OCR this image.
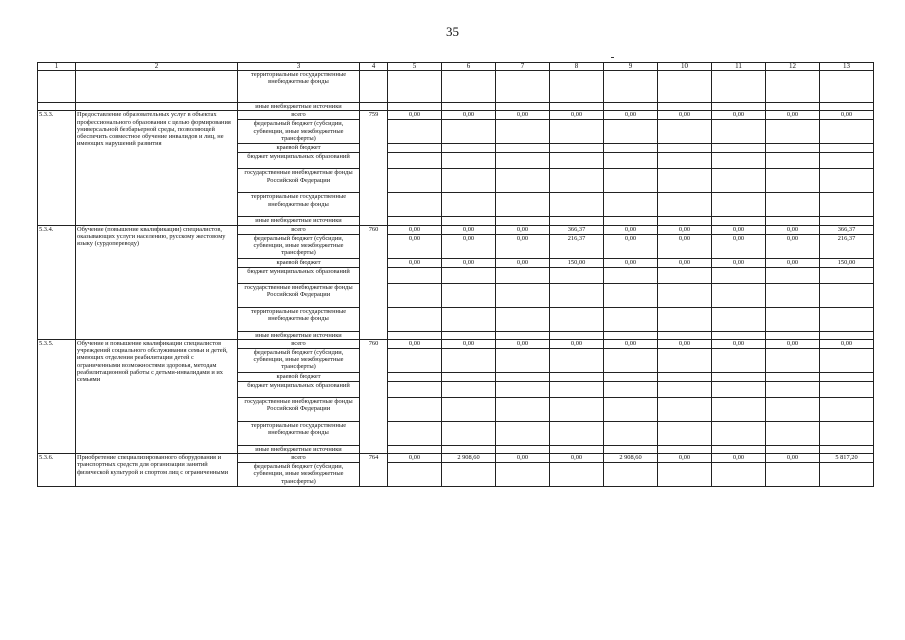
35
1	2	3	4	5	6	7	8	9	10	11	12	13
		территориальные государственные внебюджетные фонды										
		иные внебюджетные источники										
5.3.3.	Предоставление образовательных услуг в объектах профессионального образования с целью формирования универсальной безбарьерной среды, позволяющей обеспечить совместное обучение инвалидов и лиц, не имеющих нарушений развития	всего	759	0,00	0,00	0,00	0,00	0,00	0,00	0,00	0,00	0,00
		федеральный бюджет (субсидии, субвенции, иные межбюджетные трансферты)										
		краевой бюджет										
		бюджет муниципальных образований										
		государственные внебюджетные фонды Российской Федерации										
		территориальные государственные внебюджетные фонды										
		иные внебюджетные источники										
5.3.4.	Обучение (повышение квалификации) специалистов, оказывающих услуги населению, русскому жестовому языку (сурдопереводу)	всего	760	0,00	0,00	0,00	366,37	0,00	0,00	0,00	0,00	366,37
		федеральный бюджет (субсидии, субвенции, иные межбюджетные трансферты)		0,00	0,00	0,00	216,37	0,00	0,00	0,00	0,00	216,37
		краевой бюджет		0,00	0,00	0,00	150,00	0,00	0,00	0,00	0,00	150,00
		бюджет муниципальных образований										
		государственные внебюджетные фонды Российской Федерации										
		территориальные государственные внебюджетные фонды										
		иные внебюджетные источники										
5.3.5.	Обучение и повышение квалификации специалистов учреждений социального обслуживания семьи и детей, имеющих отделения реабилитации детей с ограниченными возможностями здоровья, методам реабилитационной работы с детьми-инвалидами и их семьями	всего	760	0,00	0,00	0,00	0,00	0,00	0,00	0,00	0,00	0,00
		федеральный бюджет (субсидии, субвенции, иные межбюджетные трансферты)										
		краевой бюджет										
		бюджет муниципальных образований										
		государственные внебюджетные фонды Российской Федерации										
		территориальные государственные внебюджетные фонды										
		иные внебюджетные источники										
5.3.6.	Приобретение специализированного оборудования и транспортных средств для организации занятий физической культурой и спортом лиц с ограниченными	всего	764	0,00	2 908,60	0,00	0,00	2 908,60	0,00	0,00	0,00	5 817,20
		федеральный бюджет (субсидии, субвенции, иные межбюджетные трансферты)										
